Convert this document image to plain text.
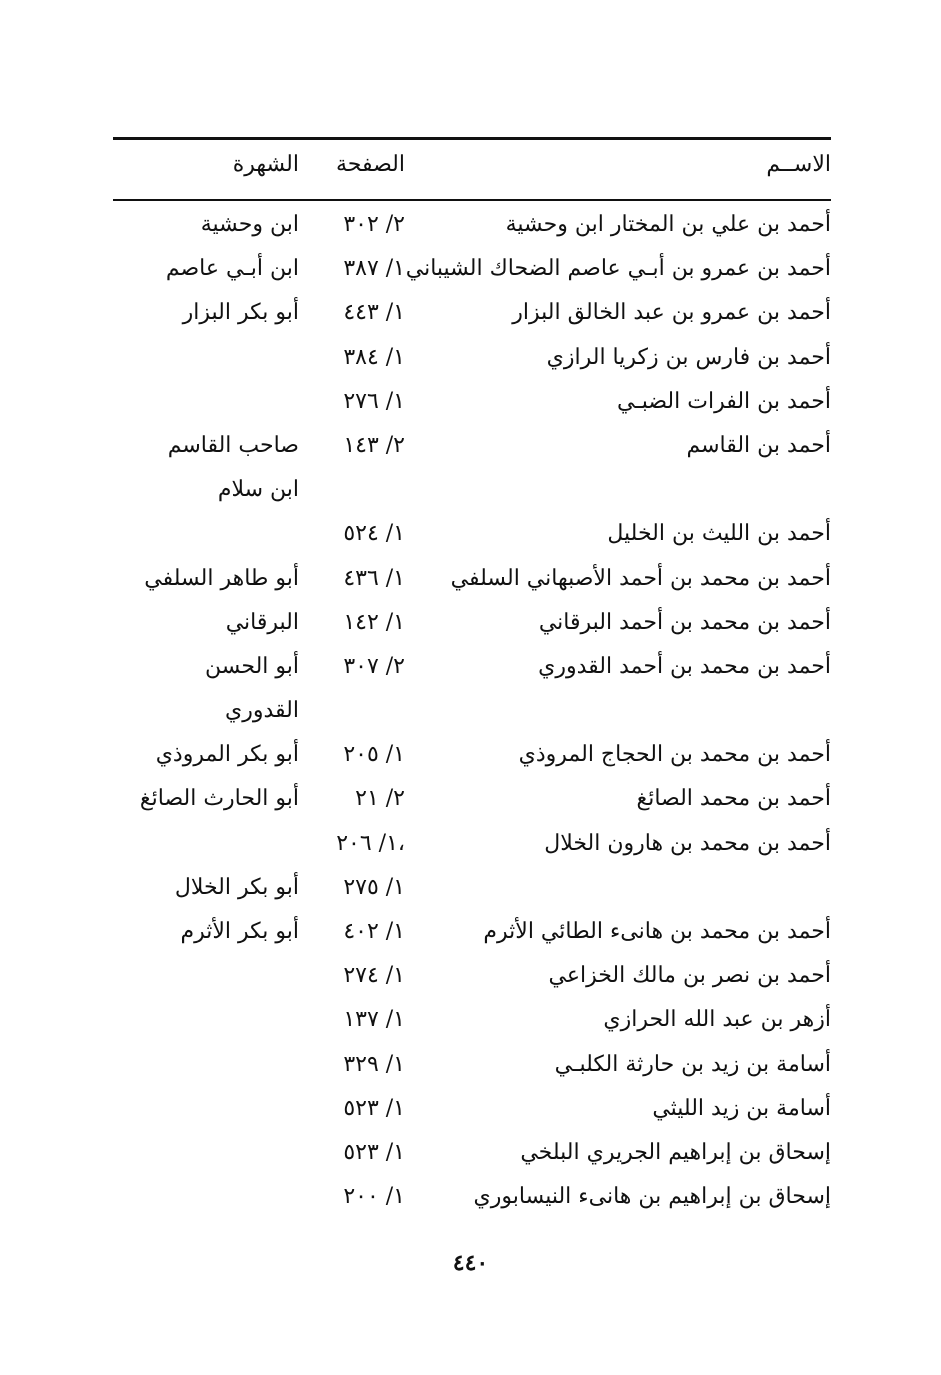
الاســم
الصفحة
الشهرة
أحمد بن علي بن المختار ابن وحشية
٢/ ٣٠٢
ابن وحشية
أحمد بن عمرو بن أبـي عاصم الضحاك الشيباني
١/ ٣٨٧
ابن أبـي عاصم
أحمد بن عمرو بن عبد الخالق البزار
١/ ٤٤٣
أبو بكر البزار
أحمد بن فارس بن زكريا الرازي
١/ ٣٨٤
أحمد بن الفرات الضبـي
١/ ٢٧٦
أحمد بن القاسم
٢/ ١٤٣
صاحب القاسم
ابن سلام
أحمد بن الليث بن الخليل
١/ ٥٢٤
أحمد بن محمد بن أحمد الأصبهاني السلفي
١/ ٤٣٦
أبو طاهر السلفي
أحمد بن محمد بن أحمد البرقاني
١/ ١٤٢
البرقاني
أحمد بن محمد بن أحمد القدوري
٢/ ٣٠٧
أبو الحسن
القدوري
أحمد بن محمد بن الحجاج المروذي
١/ ٢٠٥
أبو بكر المروذي
أحمد بن محمد الصائغ
٢/ ٢١
أبو الحارث الصائغ
أحمد بن محمد بن هارون الخلال
١/ ٢٠٦،
١/ ٢٧٥
أبو بكر الخلال
أحمد بن محمد بن هانىء الطائي الأثرم
١/ ٤٠٢
أبو بكر الأثرم
أحمد بن نصر بن مالك الخزاعي
١/ ٢٧٤
أزهر بن عبد الله الحرازي
١/ ١٣٧
أسامة بن زيد بن حارثة الكلبـي
١/ ٣٢٩
أسامة بن زيد الليثي
١/ ٥٢٣
إسحاق بن إبراهيم الجريري البلخي
١/ ٥٢٣
إسحاق بن إبراهيم بن هانىء النيسابوري
١/ ٢٠٠
٤٤٠
